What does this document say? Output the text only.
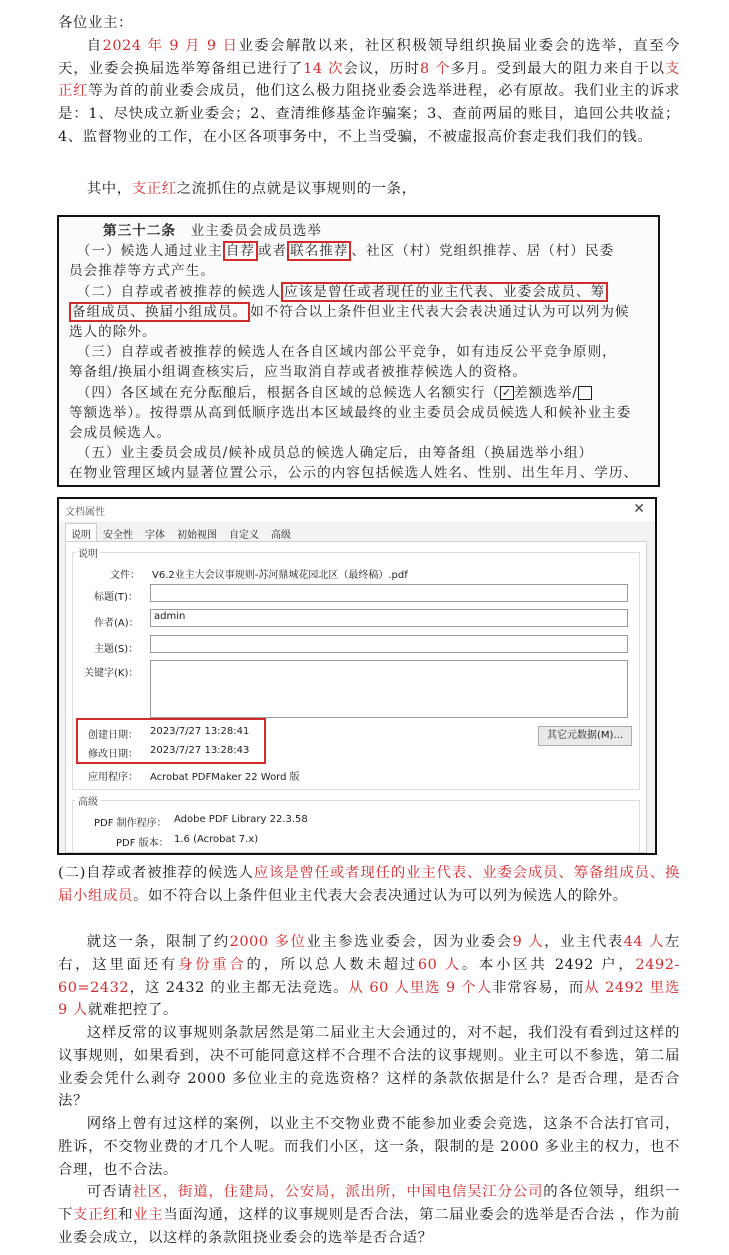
各位业主：
自2024 年 9 月 9 日业委会解散以来，社区积极领导组织换届业委会的选举，直至今天，业委会换届选举筹备组已进行了14 次会议，历时8 个多月。受到最大的阻力来自于以支正红等为首的前业委会成员，他们这么极力阻挠业委会选举进程，必有原故。我们业主的诉求是：1、尽快成立新业委会；2、查清维修基金诈骗案；3、查前两届的账目，追回公共收益；4、监督物业的工作，在小区各项事务中，不上当受骗，不被虚报高价套走我们我们的钱。
其中，支正红之流抓住的点就是议事规则的一条，
第三十二条　业主委员会成员选举
　（一）候选人通过业主 自荐 或者 联名推荐 、社区（村）党组织推荐、居（村）民委
员会推荐等方式产生。
　（二）自荐或者被推荐的候选人 应该是曾任或者现任的业主代表、业委会成员、筹
备组成员、换届小组成员。 如不符合以上条件但业主代表大会表决通过认为可以列为候
选人的除外。
　（三）自荐或者被推荐的候选人在各自区域内部公平竞争，如有违反公平竞争原则，
筹备组/换届小组调查核实后，应当取消自荐或者被推荐候选人的资格。
　（四）各区域在充分酝酿后，根据各自区域的总候选人名额实行（ ✓ 差额选举/
等额选举）。按得票从高到低顺序选出本区域最终的业主委员会成员候选人和候补业主委
会成员候选人。
　（五）业主委员会成员/候补成员总的候选人确定后，由筹备组（换届选举小组）
在物业管理区域内显著位置公示，公示的内容包括候选人姓名、性别、出生年月、学历、
文档属性	✕
说明	安全性	字体	初始视图	自定义	高级
说明
文件： V6.2业主大会议事规则-苏河鼎城花园北区（最终稿）.pdf
标题(T)：
作者(A)：
admin
主题(S)：
关键字(K)：
创建日期： 2023/7/27 13:28:41
修改日期： 2023/7/27 13:28:43
其它元数据(M)...
应用程序： Acrobat PDFMaker 22 Word 版
高级
PDF 制作程序： Adobe PDF Library 22.3.58
PDF 版本： 1.6 (Acrobat 7.x)
(二)自荐或者被推荐的候选人应该是曾任或者现任的业主代表、业委会成员、筹备组成员、换届小组成员。如不符合以上条件但业主代表大会表决通过认为可以列为候选人的除外。
就这一条，限制了约2000 多位业主参选业委会，因为业委会9 人，业主代表44 人左右，这里面还有身份重合的，所以总人数未超过60 人。本小区共 2492 户，2492-60=2432，这 2432 的业主都无法竞选。从 60 人里选 9 个人非常容易，而从 2492 里选 9 人就难把控了。
这样反常的议事规则条款居然是第二届业主大会通过的，对不起，我们没有看到过这样的议事规则，如果看到，决不可能同意这样不合理不合法的议事规则。业主可以不参选，第二届业委会凭什么剥夺 2000 多位业主的竞选资格？这样的条款依据是什么？是否合理，是否合法？
网络上曾有过这样的案例，以业主不交物业费不能参加业委会竞选，这条不合法打官司，胜诉，不交物业费的才几个人呢。而我们小区，这一条，限制的是 2000 多业主的权力，也不合理，也不合法。
可否请社区，街道，住建局，公安局，派出所，中国电信吴江分公司的各位领导，组织一下支正红和业主当面沟通，这样的议事规则是否合法，第二届业委会的选举是否合法 ，作为前业委会成立，以这样的条款阻挠业委会的选举是否合适？
